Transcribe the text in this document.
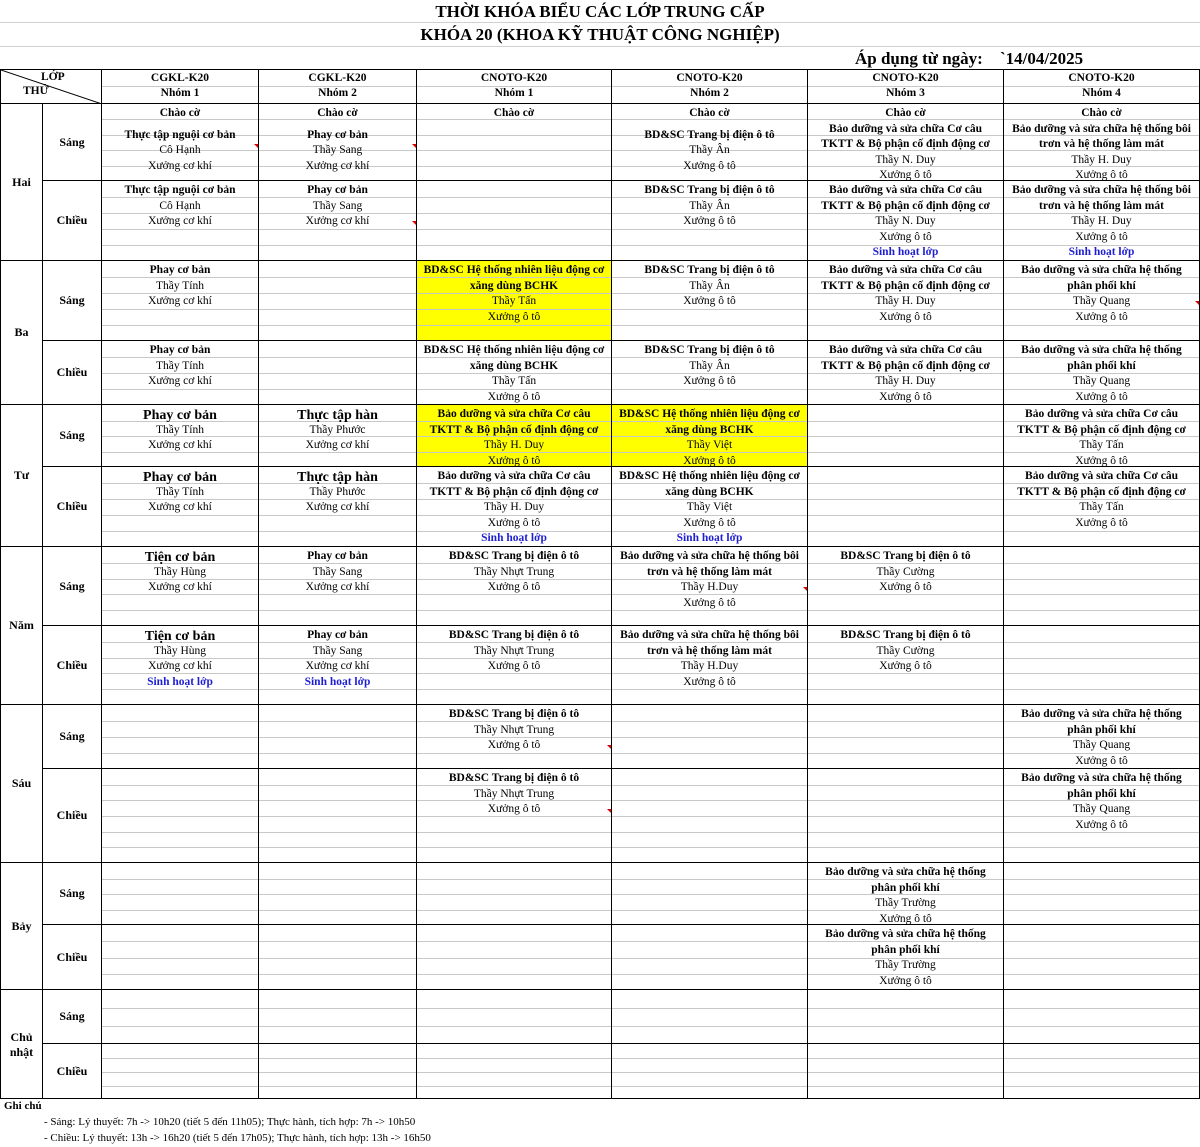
THỜI KHÓA BIỂU CÁC LỚP TRUNG CẤP
KHÓA 20 (KHOA KỸ THUẬT CÔNG NGHIỆP)
Áp dụng từ ngày: `14/04/2025
LỚP
THỨ
CGKL-K20
Nhóm 1
CGKL-K20
Nhóm 2
CNOTO-K20
Nhóm 1
CNOTO-K20
Nhóm 2
CNOTO-K20
Nhóm 3
CNOTO-K20
Nhóm 4
Hai
Sáng
Chào cờ
Thực tập nguội cơ bản
Cô Hạnh
Xưởng cơ khí
Chào cờ
Phay cơ bản
Thầy Sang
Xưởng cơ khí
Chào cờ	Chào cờ
BD&SC Trang bị điện ô tô
Thầy Ân
Xưởng ô tô
Chào cờ
Bảo dưỡng và sửa chữa Cơ câu
TKTT & Bộ phận cố định động cơ
Thầy N. Duy
Xưởng ô tô
Chào cờ
Bảo dưỡng và sửa chữa hệ thống bôi
trơn và hệ thống làm mát
Thầy H. Duy
Xưởng ô tô
Chiều
Thực tập nguội cơ bản
Cô Hạnh
Xưởng cơ khí
Phay cơ bản
Thầy Sang
Xưởng cơ khí
BD&SC Trang bị điện ô tô
Thầy Ân
Xưởng ô tô
Bảo dưỡng và sửa chữa Cơ câu
TKTT & Bộ phận cố định động cơ
Thầy N. Duy
Xưởng ô tô
Sinh hoạt lớp
Bảo dưỡng và sửa chữa hệ thống bôi
trơn và hệ thống làm mát
Thầy H. Duy
Xưởng ô tô
Sinh hoạt lớp
Ba
Sáng
Phay cơ bản
Thầy Tính
Xưởng cơ khí
BD&SC Hệ thống nhiên liệu động cơ
xăng dùng BCHK
Thầy Tấn
Xưởng ô tô
BD&SC Trang bị điện ô tô
Thầy Ân
Xưởng ô tô
Bảo dưỡng và sửa chữa Cơ câu
TKTT & Bộ phận cố định động cơ
Thầy H. Duy
Xưởng ô tô
Bảo dưỡng và sửa chữa hệ thống
phân phối khí
Thầy Quang
Xưởng ô tô
Chiều
Phay cơ bản
Thầy Tính
Xưởng cơ khí
BD&SC Hệ thống nhiên liệu động cơ
xăng dùng BCHK
Thầy Tấn
Xưởng ô tô
BD&SC Trang bị điện ô tô
Thầy Ân
Xưởng ô tô
Bảo dưỡng và sửa chữa Cơ câu
TKTT & Bộ phận cố định động cơ
Thầy H. Duy
Xưởng ô tô
Bảo dưỡng và sửa chữa hệ thống
phân phối khí
Thầy Quang
Xưởng ô tô
Tư
Sáng
Phay cơ bản
Thầy Tính
Xưởng cơ khí
Thực tập hàn
Thầy Phước
Xưởng cơ khí
Bảo dưỡng và sửa chữa Cơ câu
TKTT & Bộ phận cố định động cơ
Thầy H. Duy
Xưởng ô tô
BD&SC Hệ thống nhiên liệu động cơ
xăng dùng BCHK
Thầy Việt
Xưởng ô tô
Bảo dưỡng và sửa chữa Cơ câu
TKTT & Bộ phận cố định động cơ
Thầy Tấn
Xưởng ô tô
Chiều
Phay cơ bản
Thầy Tính
Xưởng cơ khí
Thực tập hàn
Thầy Phước
Xưởng cơ khí
Bảo dưỡng và sửa chữa Cơ câu
TKTT & Bộ phận cố định động cơ
Thầy H. Duy
Xưởng ô tô
Sinh hoạt lớp
BD&SC Hệ thống nhiên liệu động cơ
xăng dùng BCHK
Thầy Việt
Xưởng ô tô
Sinh hoạt lớp
Bảo dưỡng và sửa chữa Cơ câu
TKTT & Bộ phận cố định động cơ
Thầy Tấn
Xưởng ô tô
Năm
Sáng
Tiện cơ bản
Thầy Hùng
Xưởng cơ khí
Phay cơ bản
Thầy Sang
Xưởng cơ khí
BD&SC Trang bị điện ô tô
Thầy Nhựt Trung
Xưởng ô tô
Bảo dưỡng và sửa chữa hệ thống bôi
trơn và hệ thống làm mát
Thầy H.Duy
Xưởng ô tô
BD&SC Trang bị điện ô tô
Thầy Cường
Xưởng ô tô
Chiều
Tiện cơ bản
Thầy Hùng
Xưởng cơ khí
Sinh hoạt lớp
Phay cơ bản
Thầy Sang
Xưởng cơ khí
Sinh hoạt lớp
BD&SC Trang bị điện ô tô
Thầy Nhựt Trung
Xưởng ô tô
Bảo dưỡng và sửa chữa hệ thống bôi
trơn và hệ thống làm mát
Thầy H.Duy
Xưởng ô tô
BD&SC Trang bị điện ô tô
Thầy Cường
Xưởng ô tô
Sáu
Sáng
BD&SC Trang bị điện ô tô
Thầy Nhựt Trung
Xưởng ô tô
Bảo dưỡng và sửa chữa hệ thống
phân phối khí
Thầy Quang
Xưởng ô tô
Chiều
BD&SC Trang bị điện ô tô
Thầy Nhựt Trung
Xưởng ô tô
Bảo dưỡng và sửa chữa hệ thống
phân phối khí
Thầy Quang
Xưởng ô tô
Bảy
Sáng
Bảo dưỡng và sửa chữa hệ thống
phân phối khí
Thầy Trường
Xưởng ô tô
Chiều
Bảo dưỡng và sửa chữa hệ thống
phân phối khí
Thầy Trường
Xưởng ô tô
Chủ nhật
Sáng
Chiều
Ghi chú
- Sáng: Lý thuyết: 7h -> 10h20 (tiết 5 đến 11h05); Thực hành, tích hợp: 7h -> 10h50
- Chiều: Lý thuyết: 13h -> 16h20 (tiết 5 đến 17h05); Thực hành, tích hợp: 13h -> 16h50
